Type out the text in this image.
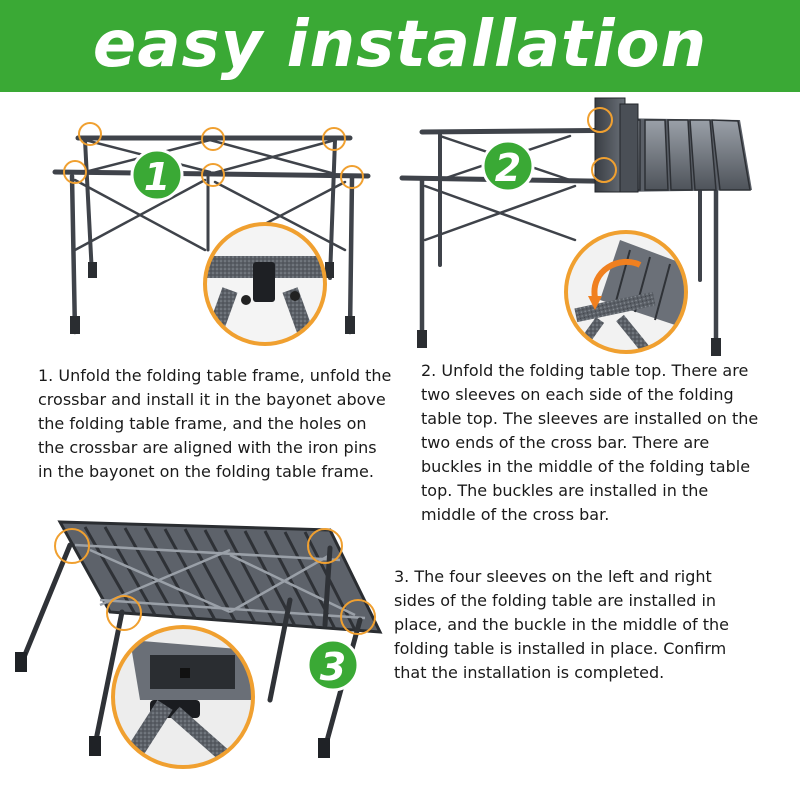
easy installation
1	2
3

1. Unfold the folding table frame, unfold the crossbar and install it in the bayonet above the folding table frame, and the holes on the crossbar are aligned with the iron pins in the bayonet on the folding table frame.

2. Unfold the folding table top. There are two sleeves on each side of the folding table top. The sleeves are installed on the two ends of the cross bar. There are buckles in the middle of the folding table top. The buckles are installed in the middle of the cross bar.

3. The four sleeves on the left and right sides of the folding table are installed in place, and the buckle in the middle of the folding table is installed in place. Confirm that the installation is completed.
